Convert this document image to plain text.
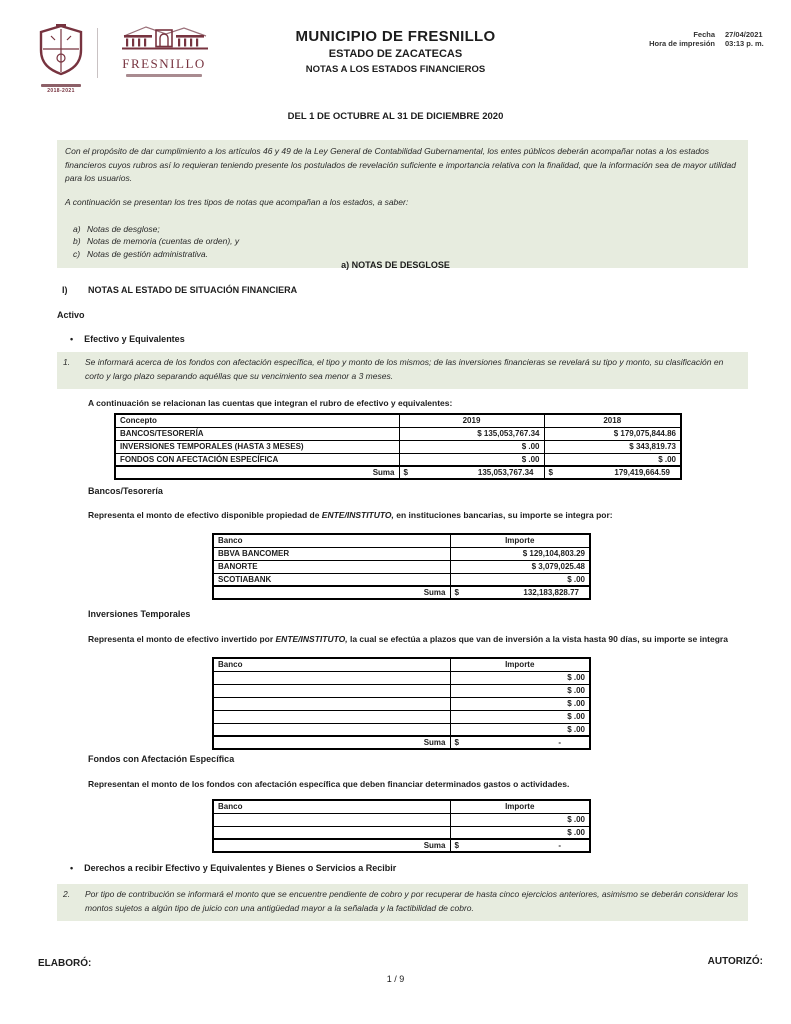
2018-2021
FRESNILLO
MUNICIPIO DE FRESNILLO
ESTADO DE ZACATECAS
NOTAS A LOS ESTADOS FINANCIEROS
Fecha 27/04/2021
Hora de impresión 03:13 p. m.
DEL 1 DE OCTUBRE AL 31 DE DICIEMBRE 2020

Con el propósito de dar cumplimiento a los artículos 46 y 49 de la Ley General de Contabilidad Gubernamental, los entes públicos deberán acompañar notas a los estados financieros cuyos rubros así lo requieran teniendo presente los postulados de revelación suficiente e importancia relativa con la finalidad, que la información sea de mayor utilidad para los usuarios.

A continuación se presentan los tres tipos de notas que acompañan a los estados, a saber:

a) Notas de desglose;
b) Notas de memoria (cuentas de orden), y
c) Notas de gestión administrativa.
a) NOTAS DE DESGLOSE
I)	NOTAS AL ESTADO DE SITUACIÓN FINANCIERA
Activo
• Efectivo y Equivalentes
1.	Se informará acerca de los fondos con afectación específica, el tipo y monto de los mismos; de las inversiones financieras se revelará su tipo y monto, su clasificación en corto y largo plazo separando aquéllas que su vencimiento sea menor a 3 meses.
A continuación se relacionan las cuentas que integran el rubro de efectivo y equivalentes:
Concepto	2019	2018
BANCOS/TESORERÍA	$ 135,053,767.34	$ 179,075,844.86
INVERSIONES TEMPORALES (HASTA 3 MESES)	$ .00	$ 343,819.73
FONDOS CON AFECTACIÓN ESPECÍFICA	$ .00	$ .00
Suma	$ 135,053,767.34	$ 179,419,664.59
Bancos/Tesorería
Representa el monto de efectivo disponible propiedad de ENTE/INSTITUTO, en instituciones bancarias, su importe se integra por:
Banco	Importe
BBVA BANCOMER	$ 129,104,803.29
BANORTE	$ 3,079,025.48
SCOTIABANK	$ .00
Suma	$ 132,183,828.77
Inversiones Temporales
Representa el monto de efectivo invertido por ENTE/INSTITUTO, la cual se efectúa a plazos que van de inversión a la vista hasta 90 días, su importe se integra
Banco	Importe
	$ .00
	$ .00
	$ .00
	$ .00
	$ .00
Suma	$ -
Fondos con Afectación Específica
Representan el monto de los fondos con afectación específica que deben financiar determinados gastos o actividades.
Banco	Importe
	$ .00
	$ .00
Suma	$ -
• Derechos a recibir Efectivo y Equivalentes y Bienes o Servicios a Recibir
2.	Por tipo de contribución se informará el monto que se encuentre pendiente de cobro y por recuperar de hasta cinco ejercicios anteriores, asimismo se deberán considerar los montos sujetos a algún tipo de juicio con una antigüedad mayor a la señalada y la factibilidad de cobro.
ELABORÓ:	AUTORIZÓ:
1 / 9
